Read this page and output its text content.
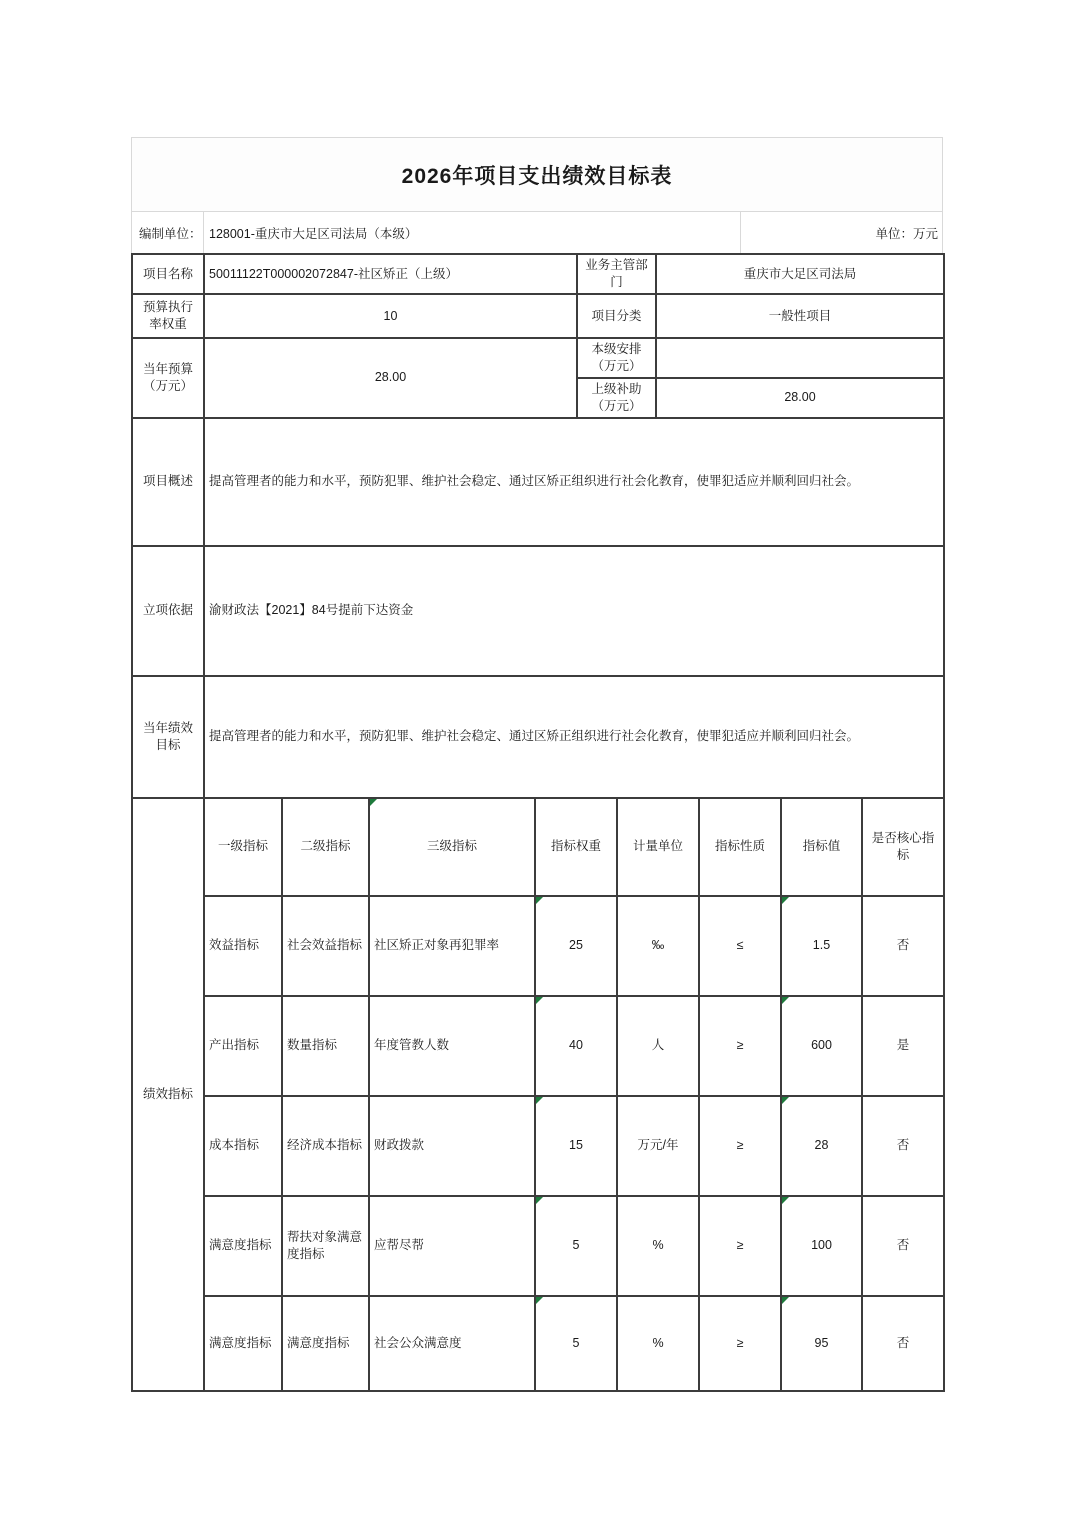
2026年项目支出绩效目标表
编制单位： 128001-重庆市大足区司法局（本级）	单位：万元
项目名称	50011122T000002072847-社区矫正（上级）	业务主管部门	重庆市大足区司法局
预算执行率权重	10	项目分类	一般性项目
当年预算（万元）	28.00	本级安排（万元）	
		上级补助（万元）	28.00
项目概述	提高管理者的能力和水平，预防犯罪、维护社会稳定、通过区矫正组织进行社会化教育，使罪犯适应并顺利回归社会。		
立项依据	渝财政法【2021】84号提前下达资金		
当年绩效目标	提高管理者的能力和水平，预防犯罪、维护社会稳定、通过区矫正组织进行社会化教育，使罪犯适应并顺利回归社会。		
绩效指标	一级指标	二级指标	三级指标	指标权重	计量单位	指标性质	指标值	是否核心指标
	效益指标	社会效益指标	社区矫正对象再犯罪率	25	‰	≤	1.5	否
	产出指标	数量指标	年度管教人数	40	人	≥	600	是
	成本指标	经济成本指标	财政拨款	15	万元/年	≥	28	否
	满意度指标	帮扶对象满意度指标	应帮尽帮	5	%	≥	100	否
	满意度指标	满意度指标	社会公众满意度	5	%	≥	95	否
